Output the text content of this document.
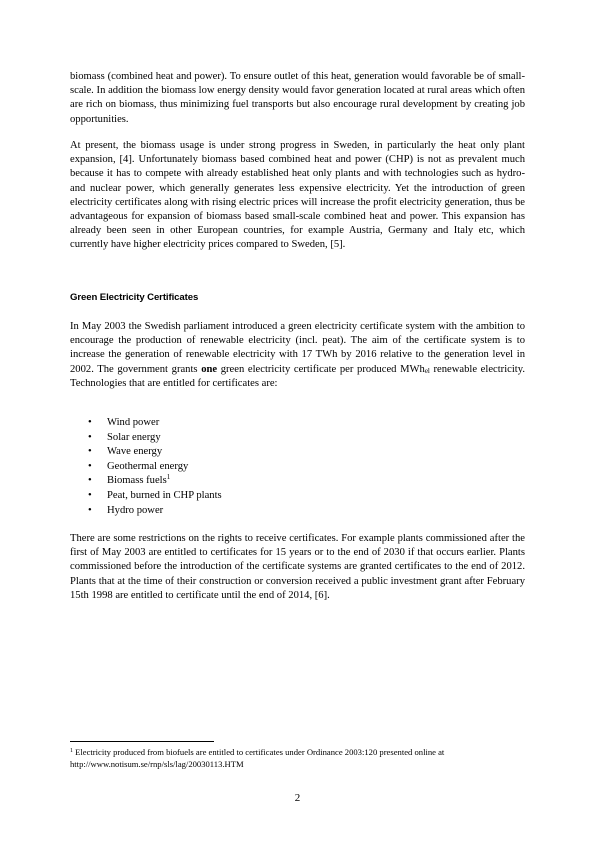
biomass (combined heat and power). To ensure outlet of this heat, generation would favorable be of small-scale. In addition the biomass low energy density would favor generation located at rural areas which often are rich on biomass, thus minimizing fuel transports but also encourage rural development by creating job opportunities.

At present, the biomass usage is under strong progress in Sweden, in particularly the heat only plant expansion, [4]. Unfortunately biomass based combined heat and power (CHP) is not as prevalent much because it has to compete with already established heat only plants and with technologies such as hydro- and nuclear power, which generally generates less expensive electricity. Yet the introduction of green electricity certificates along with rising electric prices will increase the profit electricity generation, thus be advantageous for expansion of biomass based small-scale combined heat and power. This expansion has already been seen in other European countries, for example Austria, Germany and Italy etc, which currently have higher electricity prices compared to Sweden, [5].

Green Electricity Certificates

In May 2003 the Swedish parliament introduced a green electricity certificate system with the ambition to encourage the production of renewable electricity (incl. peat). The aim of the certificate system is to increase the generation of renewable electricity with 17 TWh by 2016 relative to the generation level in 2002. The government grants one green electricity certificate per produced MWh$_{el}$ renewable electricity. Technologies that are entitled for certificates are:

• Wind power
• Solar energy
• Wave energy
• Geothermal energy
• Biomass fuels$^1$
• Peat, burned in CHP plants
• Hydro power

There are some restrictions on the rights to receive certificates. For example plants commissioned after the first of May 2003 are entitled to certificates for 15 years or to the end of 2030 if that occurs earlier. Plants commissioned before the introduction of the certificate systems are granted certificates to the end of 2012. Plants that at the time of their construction or conversion received a public investment grant after February 15th 1998 are entitled to certificate until the end of 2014, [6].

$^1$ Electricity produced from biofuels are entitled to certificates under Ordinance 2003:120 presented online at http://www.notisum.se/rnp/sls/lag/20030113.HTM

2
